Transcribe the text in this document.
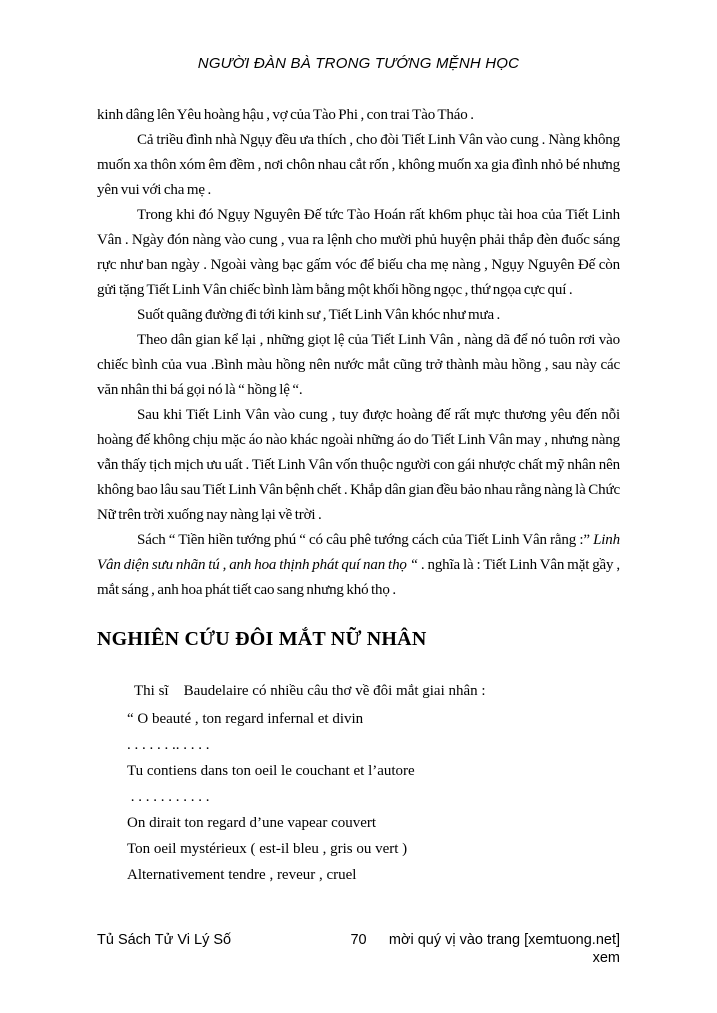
NGƯỜI ĐÀN BÀ TRONG TƯỚNG MỆNH HỌC

kinh dâng lên Yêu hoàng hậu , vợ của Tào Phi , con trai Tào Tháo .

Cả triều đình nhà Ngụy đều ưa thích , cho đòi Tiết Linh Vân vào cung . Nàng không muốn xa thôn xóm êm đềm , nơi chôn nhau cắt rốn , không muốn xa gia đình nhỏ bé nhưng yên vui với cha mẹ .

Trong khi đó Ngụy Nguyên Đế tức Tào Hoán rất kh6m phục tài hoa của Tiết Linh Vân . Ngày đón nàng vào cung , vua ra lệnh cho mười phủ huyện phải thắp đèn đuốc sáng rực như ban ngày . Ngoài vàng bạc gấm vóc để biếu cha mẹ nàng , Ngụy Nguyên Đế còn gửi tặng Tiết Linh Vân chiếc bình làm bằng một khối hồng ngọc , thứ ngọa cực quí .

Suốt quãng đường đi tới kinh sư , Tiết Linh Vân khóc như mưa .

Theo dân gian kể lại , những giọt lệ của Tiết Linh Vân , nàng dã để nó tuôn rơi vào chiếc bình của vua .Bình màu hồng nên nước mắt cũng trở thành màu hồng , sau này các văn nhân thi bá gọi nó là “ hồng lệ “.

Sau khi Tiết Linh Vân vào cung , tuy được hoàng đế rất mực thương yêu đến nỗi hoàng đế không chịu mặc áo nào khác ngoài những áo do Tiết Linh Vân may , nhưng nàng vẫn thấy tịch mịch ưu uất . Tiết Linh Vân vốn thuộc người con gái nhược chất mỹ nhân nên không bao lâu sau Tiết Linh Vân bệnh chết . Khắp dân gian đều bảo nhau rằng nàng là Chức Nữ trên trời xuống nay nàng lại về trời .

Sách “ Tiền hiền tướng phú “ có câu phê tướng cách của Tiết Linh Vân rằng :” Linh Vân diện sưu nhãn tú , anh hoa thịnh phát quí nan thọ “ . nghĩa là : Tiết Linh Vân mặt gầy , mắt sáng , anh hoa phát tiết cao sang nhưng khó thọ .

NGHIÊN CỨU ĐÔI MẮT NỮ NHÂN
Thi sĩ    Baudelaire có nhiều câu thơ về đôi mắt giai nhân :
“ O beauté , ton regard infernal et divin
. . . . . . .. . . . .
Tu contiens dans ton oeil le couchant et l’autore
. . . . . . . . . . .
On dirait ton regard d’une vapear couvert
Ton oeil mystérieux ( est-il bleu , gris ou vert )
Alternativement tendre , reveur , cruel
Tủ Sách Tử Vi Lý Số	70	mời quý vị vào trang [xemtuong.net] xem
